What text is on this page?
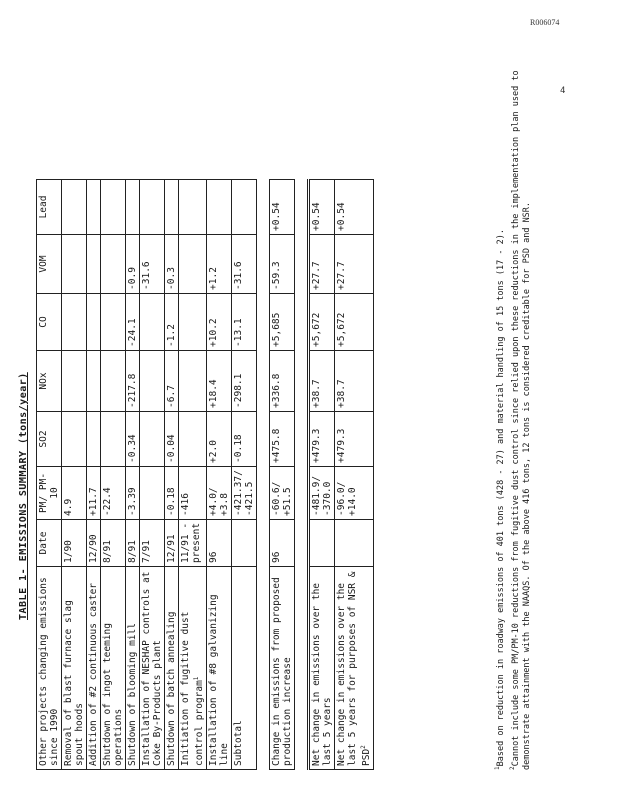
R006074
4
TABLE 1- EMISSIONS SUMMARY (tons/year)
Other projects changing emissions since 1990	Date	PM/ PM-10	SO2	NOx	CO	VOM	Lead
Removal of blast furnace slag spout hoods	1/90	4.9					
Addition of #2 continuous caster	12/90	+11.7					
Shutdown of ingot teeming operations	8/91	-22.4					
Shutdown of blooming mill	8/91	-3.39	-0.34	-217.8	-24.1	-0.9	
Installation of NESHAP controls at Coke By-Products plant	7/91					-31.6	
Shutdown of batch annealing	12/91	-0.18	-0.04	-6.7	-1.2	-0.3	
Initiation of fugitive dust control program$^1$	11/91 - present	-416					
Installation of #8 galvanizing line	96	+4.0/ +3.8	+2.0	+18.4	+10.2	+1.2	
Subtotal		-421.37/ -421.5	-0.18	-298.1	-13.1	-31.6	

Change in emissions from proposed production increase	96	-60.6/ +51.5	+475.8	+336.8	+5,685	-59.3	+0.54

Net change in emissions over the last 5 years		-481.9/ -370.0	+479.3	+38.7	+5,672	+27.7	+0.54
Net change in emissions over the last 5 years for purposes of NSR & PSD$^2$		-96.0/ +14.0	+479.3	+38.7	+5,672	+27.7	+0.54

$^1$Based on reduction in roadway emissions of 401 tons (428 - 27) and material handling of 15 tons (17 - 2).

$^2$Cannot include some PM/PM-10 reductions from fugitive dust control since relied upon these reductions in the implementation plan used to demonstrate attainment with the NAAQS. Of the above 416 tons, 12 tons is considered creditable for PSD and NSR.
